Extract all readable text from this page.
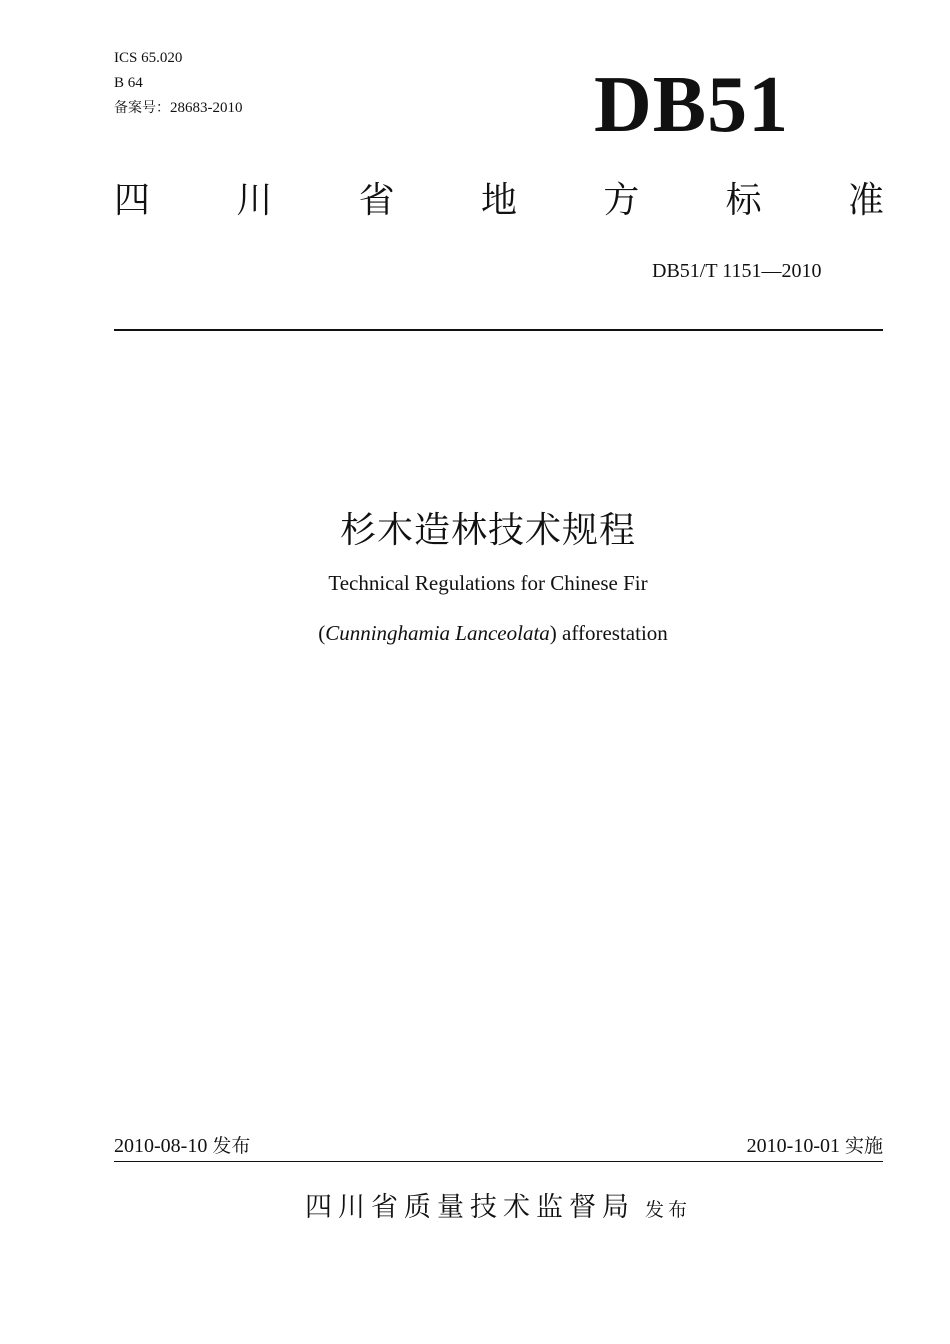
ICS 65.020
B 64
备案号：28683-2010	DB51
四 川 省 地 方 标 准
DB51/T 1151—2010
杉木造林技术规程
Technical Regulations for Chinese Fir
(Cunninghamia Lanceolata) afforestation
2010-08-10 发布	2010-10-01 实施
四川省质量技术监督局 发布
